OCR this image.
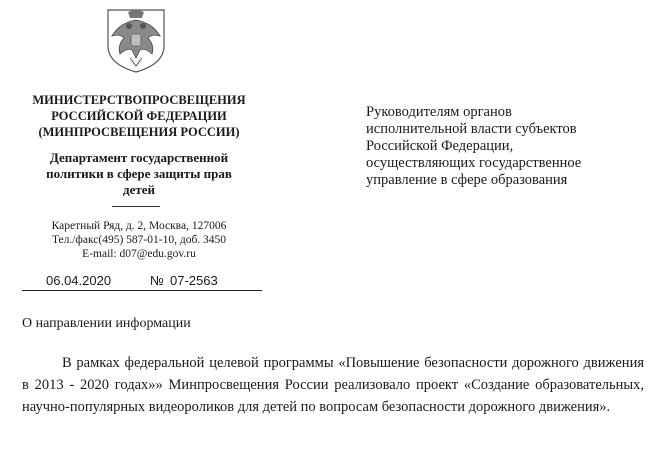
МИНИСТЕРСТВОПРОСВЕЩЕНИЯ
РОССИЙСКОЙ ФЕДЕРАЦИИ
(МИНПРОСВЕЩЕНИЯ РОССИИ)
Департамент государственной
политики в сфере защиты прав
детей
Каретный Ряд, д. 2, Москва, 127006
Тел./факс(495) 587-01-10, доб. 3450
E-mail: d07@edu.gov.ru
06.04.2020	№ 07-2563
Руководителям органов
исполнительной власти субъектов
Российской Федерации,
осуществляющих государственное
управление в сфере образования
О направлении информации
В рамках федеральной целевой программы «Повышение безопасности дорожного движения в 2013 - 2020 годах»» Минпросвещения России реализовало проект «Создание образовательных, научно-популярных видеороликов для детей по вопросам безопасности дорожного движения».
